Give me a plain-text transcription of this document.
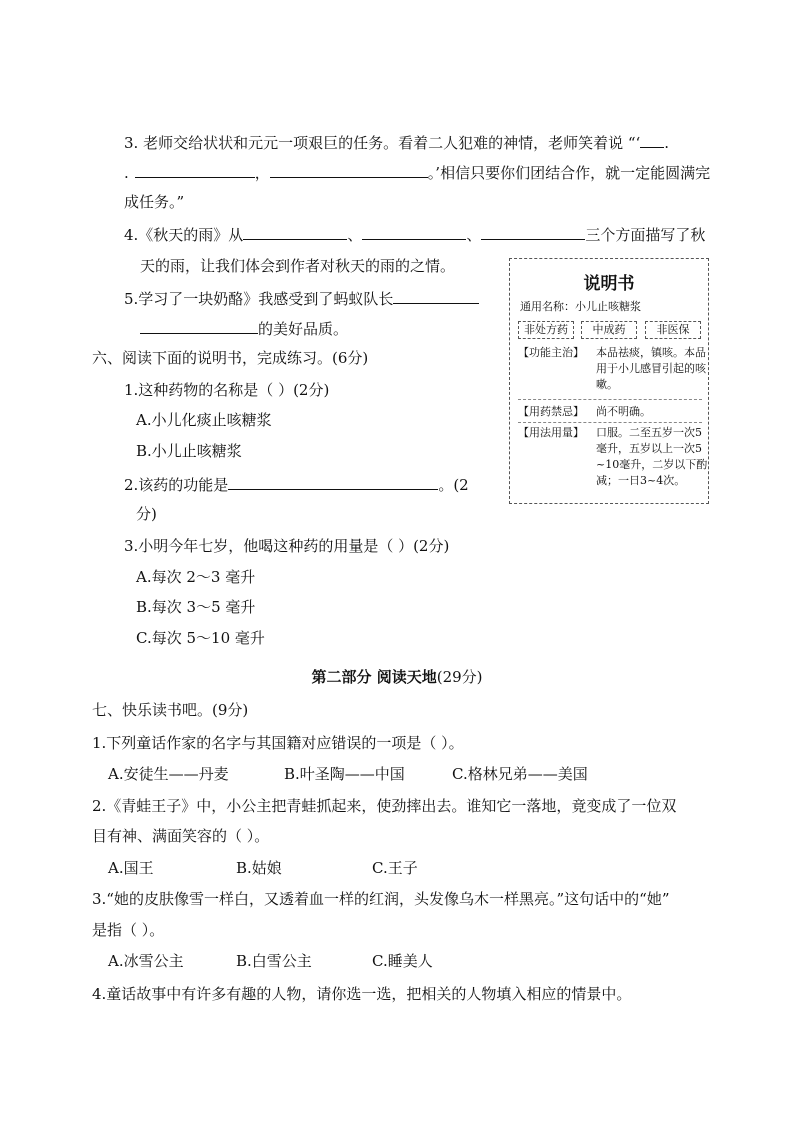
3. 老师交给状状和元元一项艰巨的任务。看着二人犯难的神情，老师笑着说 “‘ .
.	，	。’相信只要你们团结合作，就一定能圆满完
成任务。”
4.《秋天的雨》从	、	、	三个方面描写了秋
天的雨，让我们体会到作者对秋天的雨的之情。
5.学习了一块奶酪》我感受到了蚂蚁队长
的美好品质。
六、阅读下面的说明书，完成练习。(6分)
1.这种药物的名称是（ ）(2分)
A.小儿化痰止咳糖浆
B.小儿止咳糖浆
2.该药的功能是	。(2
分)
3.小明今年七岁，他喝这种药的用量是（ ）(2分)
A.每次 2～3 毫升
B.每次 3～5 毫升
C.每次 5～10 毫升
说明书
通用名称：小儿止咳糖浆
非处方药	中成药	非医保
【功能主治】 本品祛痰，镇咳。本品用于小儿感冒引起的咳嗽。
【用药禁忌】 尚不明确。
【用法用量】 口服。二至五岁一次5毫升，五岁以上一次5~10毫升，二岁以下酌减；一日3~4次。
第二部分 阅读天地(29分)
七、快乐读书吧。(9分)
1.下列童话作家的名字与其国籍对应错误的一项是（ ）。
A.安徒生——丹麦	B.叶圣陶——中国	C.格林兄弟——美国
2.《青蛙王子》中，小公主把青蛙抓起来，使劲摔出去。谁知它一落地，竟变成了一位双
目有神、满面笑容的（ ）。
A.国王	B.姑娘	C.王子
3.“她的皮肤像雪一样白，又透着血一样的红润，头发像乌木一样黑亮。”这句话中的“她”
是指（ ）。
A.冰雪公主	B.白雪公主	C.睡美人
4.童话故事中有许多有趣的人物，请你选一选，把相关的人物填入相应的情景中。
